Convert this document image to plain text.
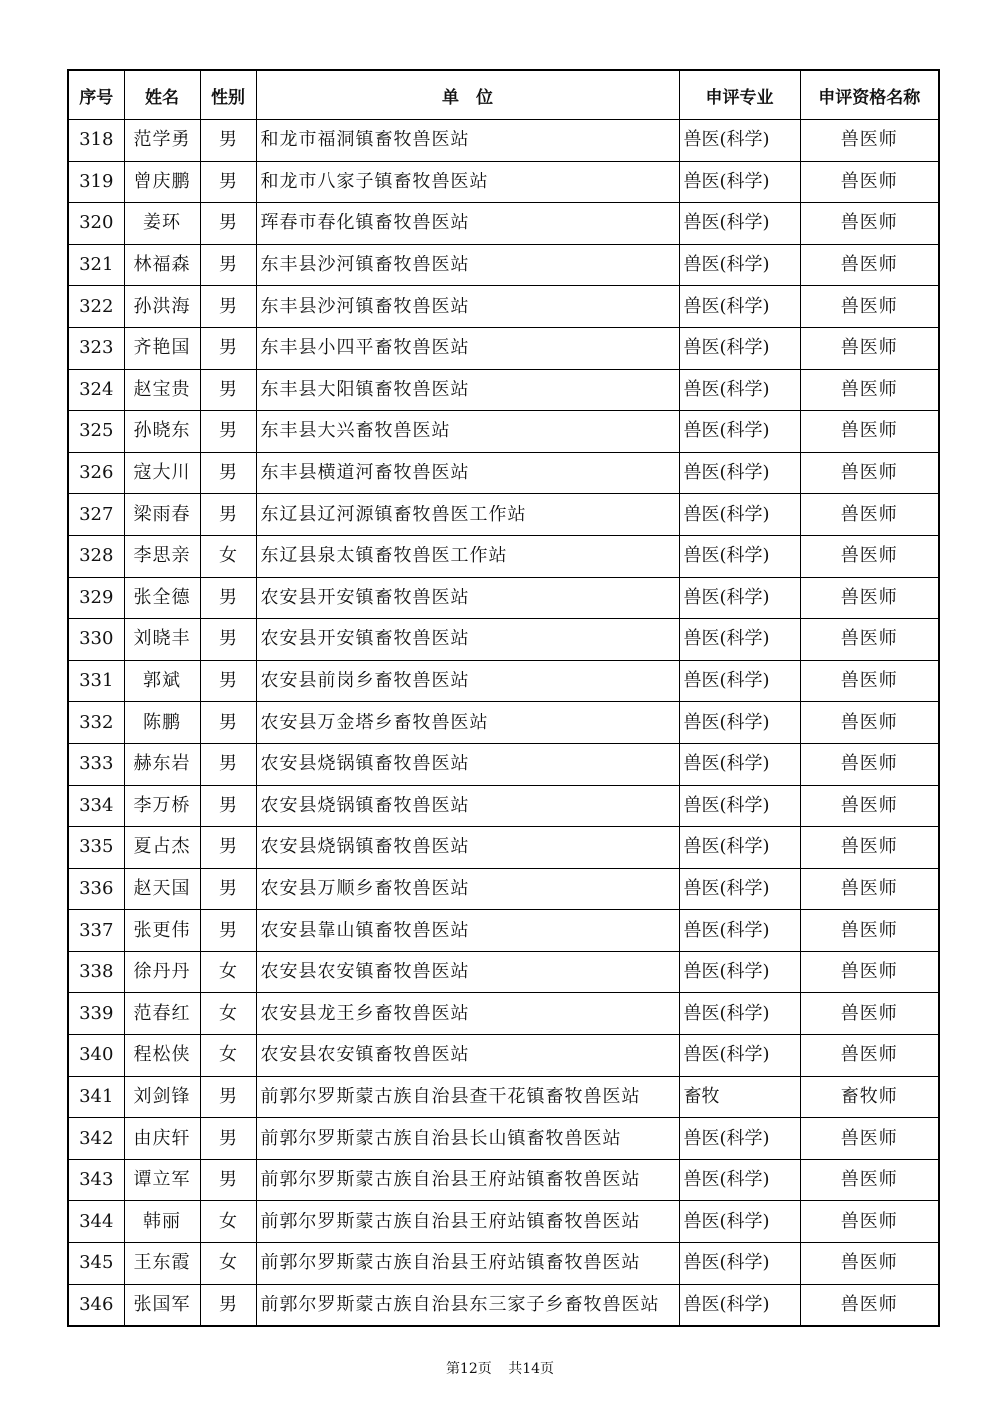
序号	姓名	性别	单　位	申评专业	申评资格名称
318	范学勇	男	和龙市福洞镇畜牧兽医站	兽医(科学)	兽医师
319	曾庆鹏	男	和龙市八家子镇畜牧兽医站	兽医(科学)	兽医师
320	姜环	男	珲春市春化镇畜牧兽医站	兽医(科学)	兽医师
321	林福森	男	东丰县沙河镇畜牧兽医站	兽医(科学)	兽医师
322	孙洪海	男	东丰县沙河镇畜牧兽医站	兽医(科学)	兽医师
323	齐艳国	男	东丰县小四平畜牧兽医站	兽医(科学)	兽医师
324	赵宝贵	男	东丰县大阳镇畜牧兽医站	兽医(科学)	兽医师
325	孙晓东	男	东丰县大兴畜牧兽医站	兽医(科学)	兽医师
326	寇大川	男	东丰县横道河畜牧兽医站	兽医(科学)	兽医师
327	梁雨春	男	东辽县辽河源镇畜牧兽医工作站	兽医(科学)	兽医师
328	李思亲	女	东辽县泉太镇畜牧兽医工作站	兽医(科学)	兽医师
329	张全德	男	农安县开安镇畜牧兽医站	兽医(科学)	兽医师
330	刘晓丰	男	农安县开安镇畜牧兽医站	兽医(科学)	兽医师
331	郭斌	男	农安县前岗乡畜牧兽医站	兽医(科学)	兽医师
332	陈鹏	男	农安县万金塔乡畜牧兽医站	兽医(科学)	兽医师
333	赫东岩	男	农安县烧锅镇畜牧兽医站	兽医(科学)	兽医师
334	李万桥	男	农安县烧锅镇畜牧兽医站	兽医(科学)	兽医师
335	夏占杰	男	农安县烧锅镇畜牧兽医站	兽医(科学)	兽医师
336	赵天国	男	农安县万顺乡畜牧兽医站	兽医(科学)	兽医师
337	张更伟	男	农安县靠山镇畜牧兽医站	兽医(科学)	兽医师
338	徐丹丹	女	农安县农安镇畜牧兽医站	兽医(科学)	兽医师
339	范春红	女	农安县龙王乡畜牧兽医站	兽医(科学)	兽医师
340	程松侠	女	农安县农安镇畜牧兽医站	兽医(科学)	兽医师
341	刘剑锋	男	前郭尔罗斯蒙古族自治县查干花镇畜牧兽医站	畜牧	畜牧师
342	由庆轩	男	前郭尔罗斯蒙古族自治县长山镇畜牧兽医站	兽医(科学)	兽医师
343	谭立军	男	前郭尔罗斯蒙古族自治县王府站镇畜牧兽医站	兽医(科学)	兽医师
344	韩丽	女	前郭尔罗斯蒙古族自治县王府站镇畜牧兽医站	兽医(科学)	兽医师
345	王东霞	女	前郭尔罗斯蒙古族自治县王府站镇畜牧兽医站	兽医(科学)	兽医师
346	张国军	男	前郭尔罗斯蒙古族自治县东三家子乡畜牧兽医站	兽医(科学)	兽医师
第12页 共14页
